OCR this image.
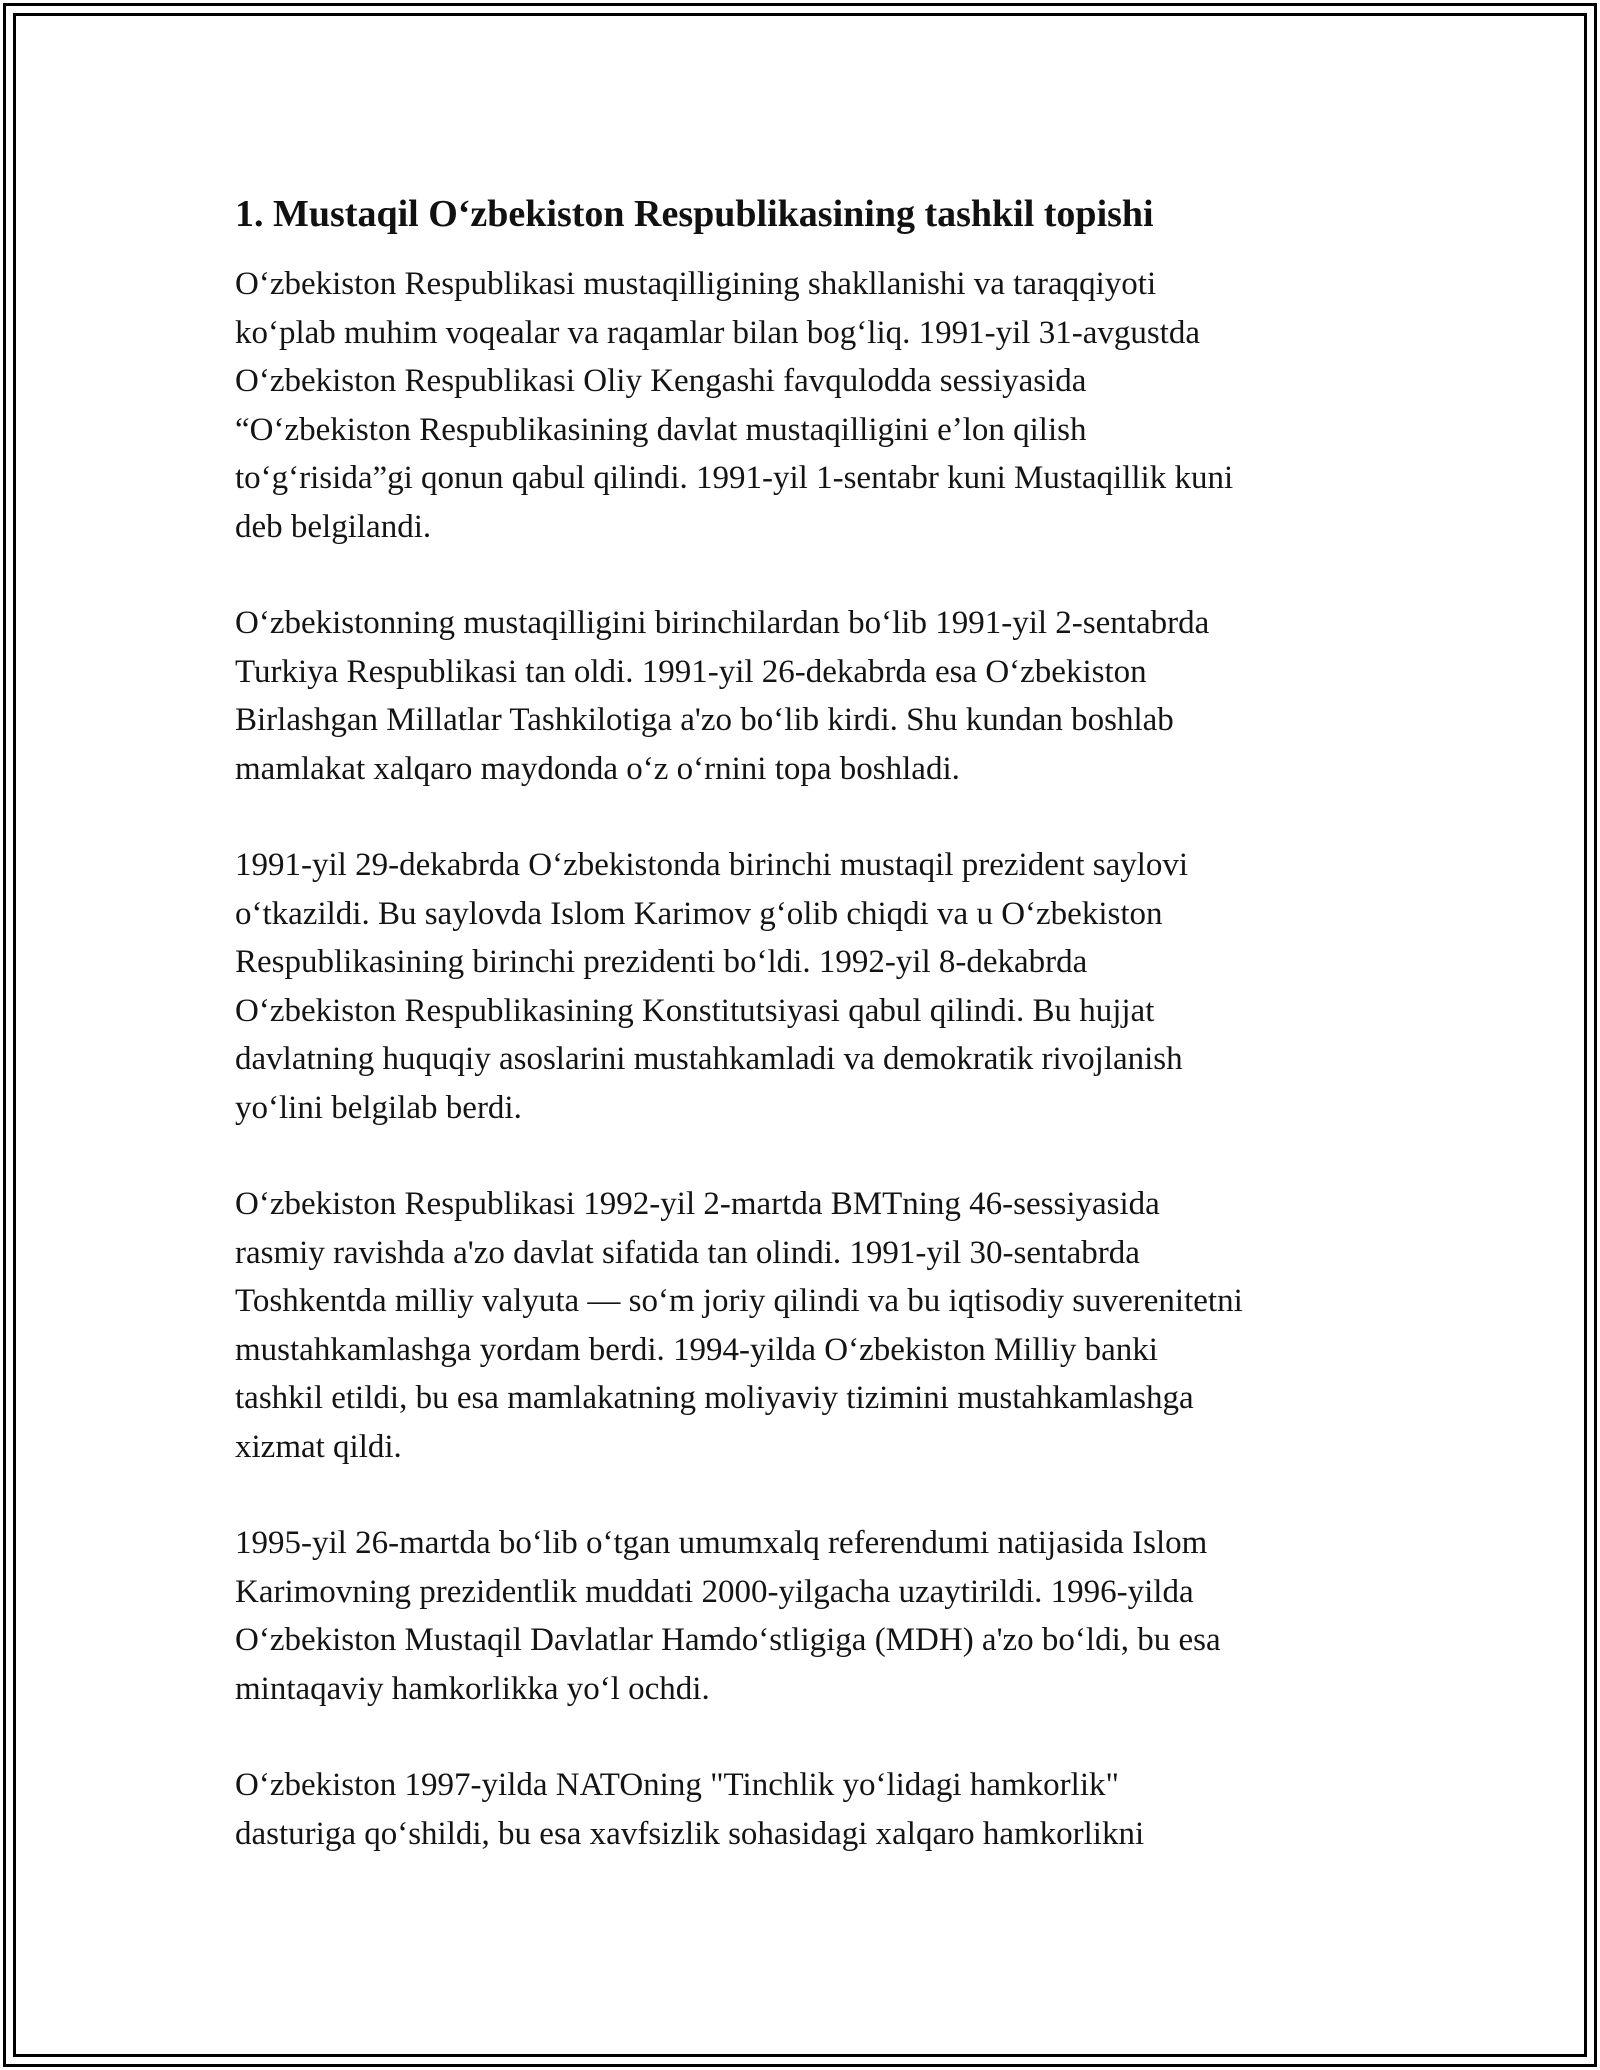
1. Mustaqil Oʻzbekiston Respublikasining tashkil topishi

Oʻzbekiston Respublikasi mustaqilligining shakllanishi va taraqqiyoti
koʻplab muhim voqealar va raqamlar bilan bogʻliq. 1991-yil 31-avgustda
Oʻzbekiston Respublikasi Oliy Kengashi favqulodda sessiyasida
“Oʻzbekiston Respublikasining davlat mustaqilligini eʼlon qilish
toʻgʻrisida”gi qonun qabul qilindi. 1991-yil 1-sentabr kuni Mustaqillik kuni
deb belgilandi.

Oʻzbekistonning mustaqilligini birinchilardan boʻlib 1991-yil 2-sentabrda
Turkiya Respublikasi tan oldi. 1991-yil 26-dekabrda esa Oʻzbekiston
Birlashgan Millatlar Tashkilotiga a'zo boʻlib kirdi. Shu kundan boshlab
mamlakat xalqaro maydonda oʻz oʻrnini topa boshladi.

1991-yil 29-dekabrda Oʻzbekistonda birinchi mustaqil prezident saylovi
oʻtkazildi. Bu saylovda Islom Karimov gʻolib chiqdi va u Oʻzbekiston
Respublikasining birinchi prezidenti boʻldi. 1992-yil 8-dekabrda
Oʻzbekiston Respublikasining Konstitutsiyasi qabul qilindi. Bu hujjat
davlatning huquqiy asoslarini mustahkamladi va demokratik rivojlanish
yoʻlini belgilab berdi.

Oʻzbekiston Respublikasi 1992-yil 2-martda BMTning 46-sessiyasida
rasmiy ravishda a'zo davlat sifatida tan olindi. 1991-yil 30-sentabrda
Toshkentda milliy valyuta — soʻm joriy qilindi va bu iqtisodiy suverenitetni
mustahkamlashga yordam berdi. 1994-yilda Oʻzbekiston Milliy banki
tashkil etildi, bu esa mamlakatning moliyaviy tizimini mustahkamlashga
xizmat qildi.

1995-yil 26-martda boʻlib oʻtgan umumxalq referendumi natijasida Islom
Karimovning prezidentlik muddati 2000-yilgacha uzaytirildi. 1996-yilda
Oʻzbekiston Mustaqil Davlatlar Hamdoʻstligiga (MDH) a'zo boʻldi, bu esa
mintaqaviy hamkorlikka yoʻl ochdi.

Oʻzbekiston 1997-yilda NATOning "Tinchlik yoʻlidagi hamkorlik"
dasturiga qoʻshildi, bu esa xavfsizlik sohasidagi xalqaro hamkorlikni
